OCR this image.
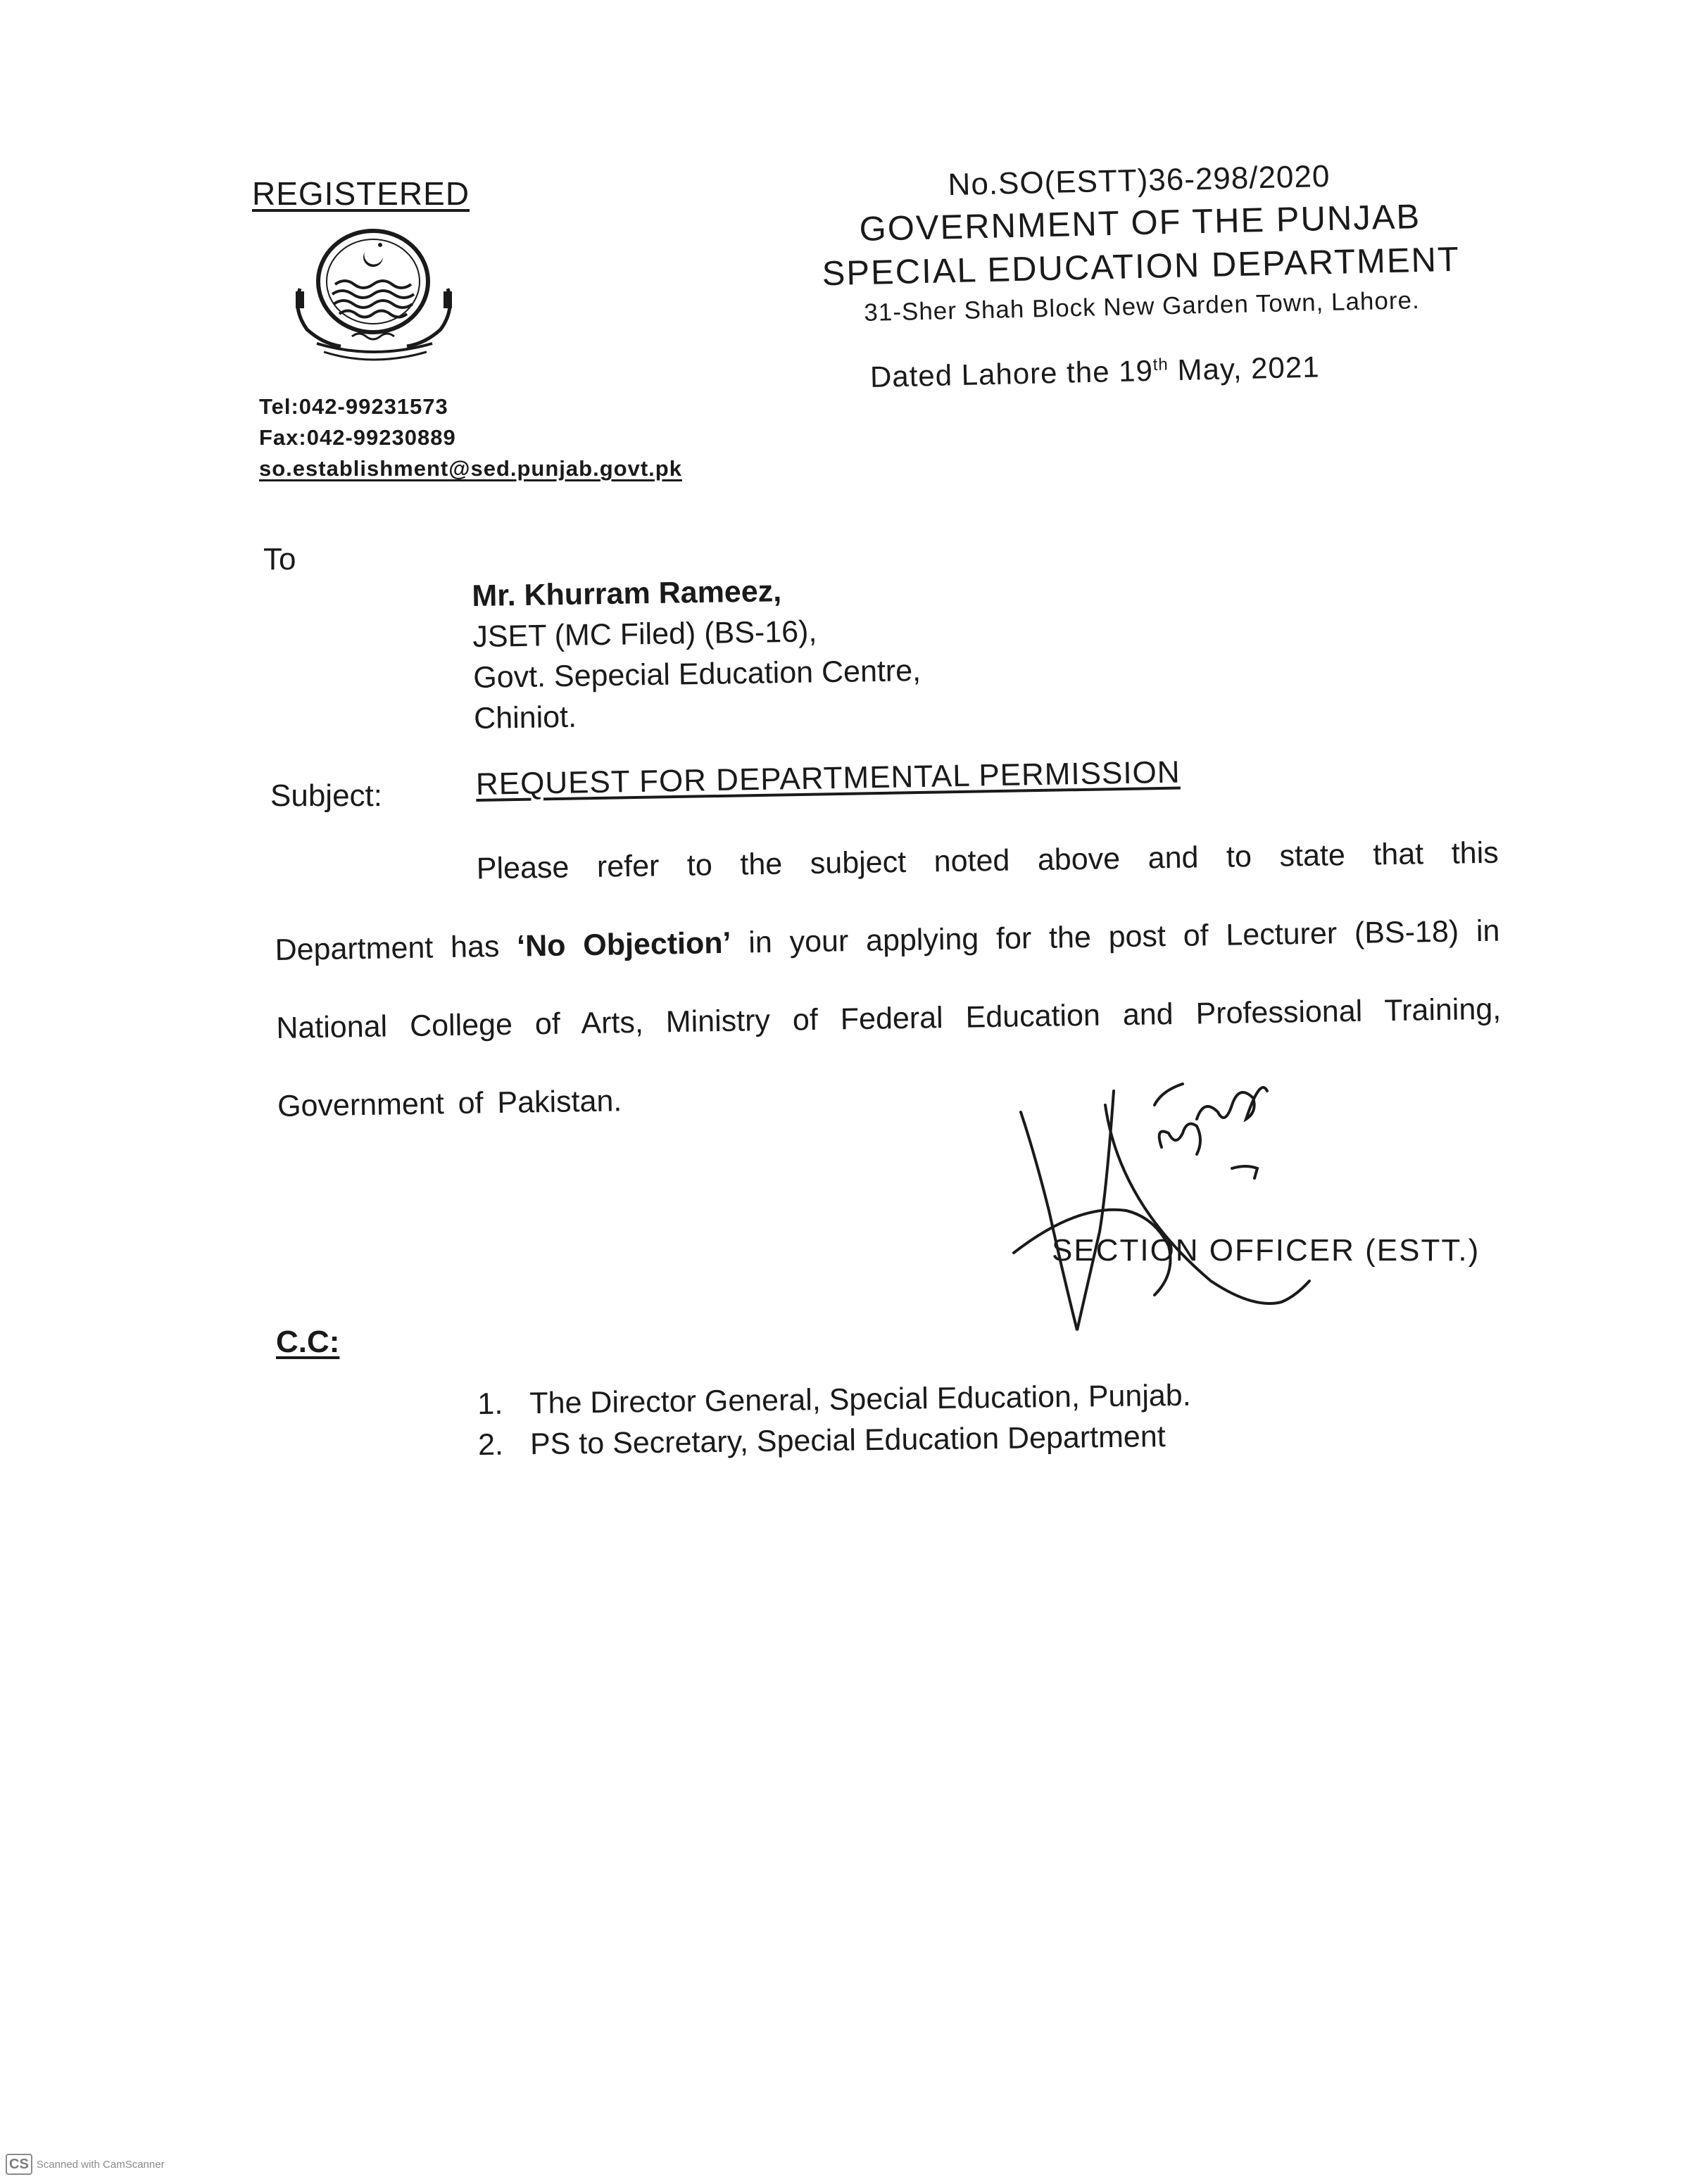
REGISTERED
Tel:042-99231573
Fax:042-99230889
so.establishment@sed.punjab.govt.pk
No.SO(ESTT)36-298/2020
GOVERNMENT OF THE PUNJAB
SPECIAL EDUCATION DEPARTMENT
31-Sher Shah Block New Garden Town, Lahore.
Dated Lahore the 19th May, 2021
To
Mr. Khurram Rameez,
JSET (MC Filed) (BS-16),
Govt. Sepecial Education Centre,
Chiniot.
Subject:	REQUEST FOR DEPARTMENTAL PERMISSION
Please refer to the subject noted above and to state that this Department has ‘No Objection’ in your applying for the post of Lecturer (BS-18) in National College of Arts, Ministry of Federal Education and Professional Training, Government of Pakistan.
SECTION OFFICER (ESTT.)
C.C:
1. The Director General, Special Education, Punjab.
2. PS to Secretary, Special Education Department
CS Scanned with CamScanner
